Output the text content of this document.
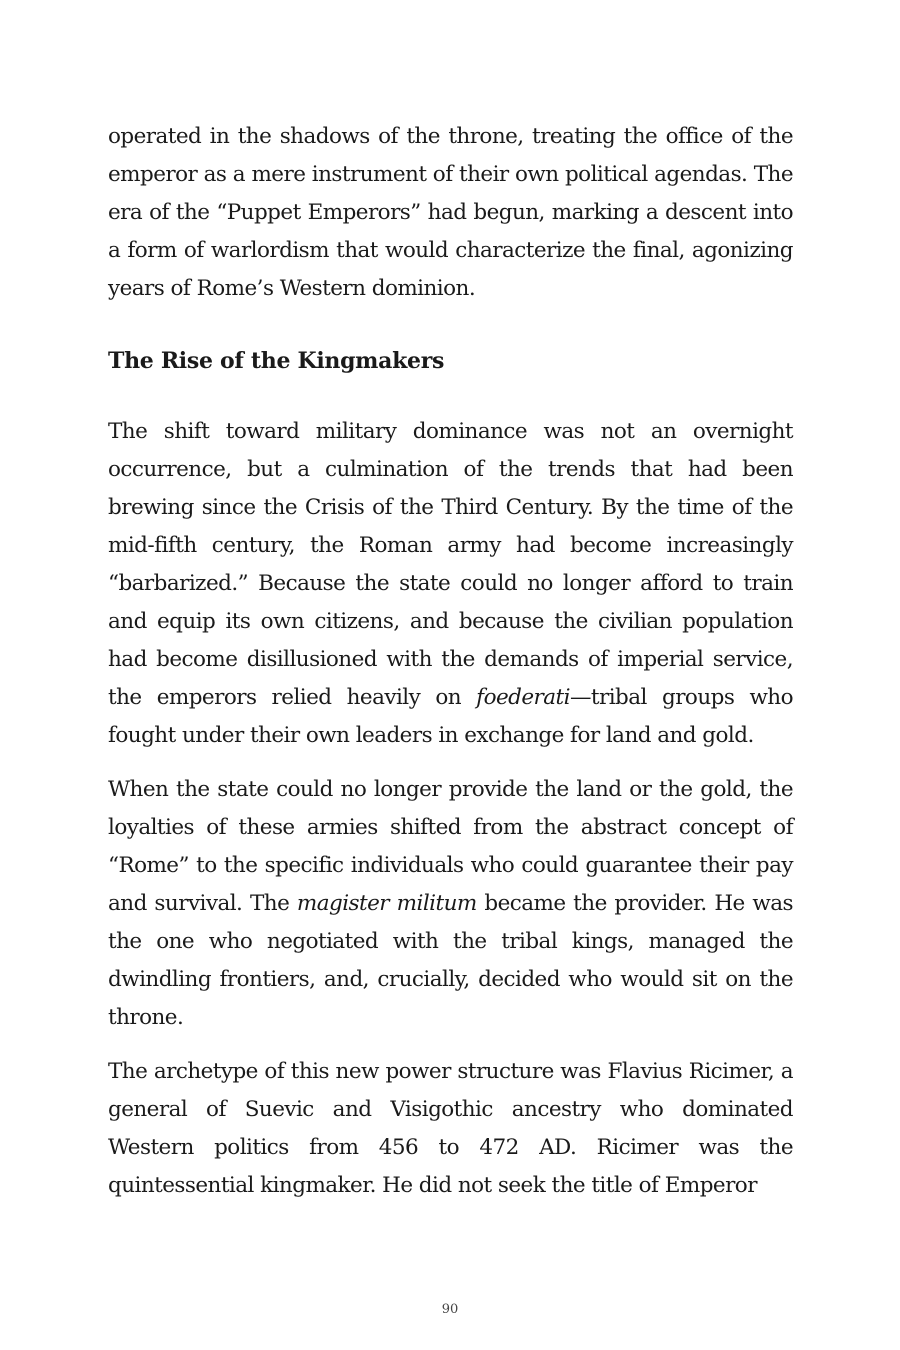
operated in the shadows of the throne, treating the office of the emperor as a mere instrument of their own political agendas. The era of the “Puppet Emperors” had begun, marking a descent into a form of warlordism that would characterize the final, agonizing years of Rome’s Western dominion.

The Rise of the Kingmakers

The shift toward military dominance was not an overnight occurrence, but a culmination of the trends that had been brewing since the Crisis of the Third Century. By the time of the mid-fifth century, the Roman army had become increasingly “barbarized.” Because the state could no longer afford to train and equip its own citizens, and because the civilian population had become disillusioned with the demands of imperial service, the emperors relied heavily on foederati—tribal groups who fought under their own leaders in exchange for land and gold.

When the state could no longer provide the land or the gold, the loyalties of these armies shifted from the abstract concept of “Rome” to the specific individuals who could guarantee their pay and survival. The magister militum became the provider. He was the one who negotiated with the tribal kings, managed the dwindling frontiers, and, crucially, decided who would sit on the throne.

The archetype of this new power structure was Flavius Ricimer, a general of Suevic and Visigothic ancestry who dominated Western politics from 456 to 472 AD. Ricimer was the quintessential kingmaker. He did not seek the title of Emperor

90
